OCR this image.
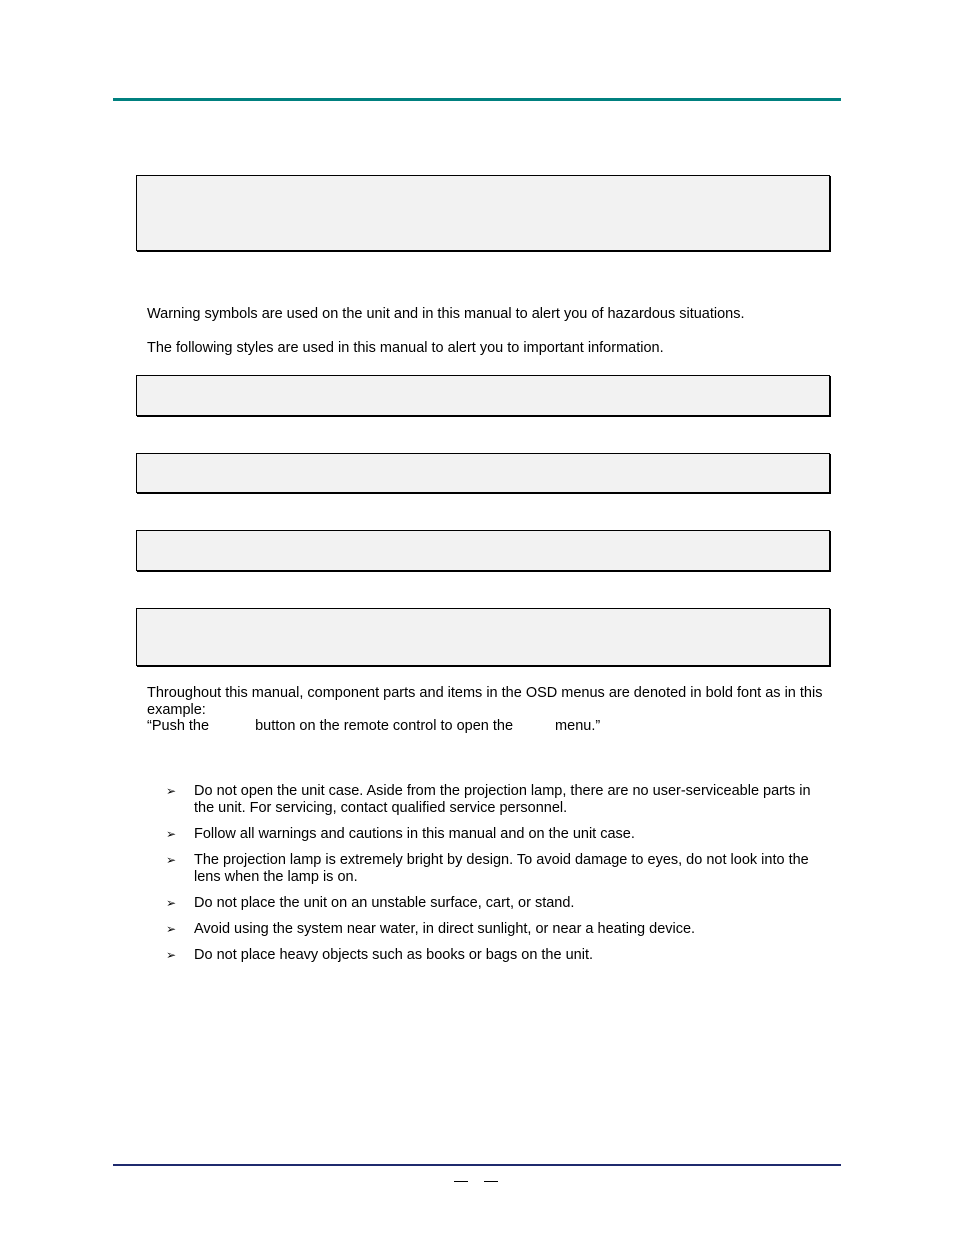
Warning symbols are used on the unit and in this manual to alert you of hazardous situations.

The following styles are used in this manual to alert you to important information.

Throughout this manual, component parts and items in the OSD menus are denoted in bold font as in this example:

“Push the	button on the remote control to open the	menu.”

➢ Do not open the unit case. Aside from the projection lamp, there are no user-serviceable parts in the unit. For servicing, contact qualified service personnel.
➢ Follow all warnings and cautions in this manual and on the unit case.
➢ The projection lamp is extremely bright by design. To avoid damage to eyes, do not look into the lens when the lamp is on.
➢ Do not place the unit on an unstable surface, cart, or stand.
➢ Avoid using the system near water, in direct sunlight, or near a heating device.
➢ Do not place heavy objects such as books or bags on the unit.
